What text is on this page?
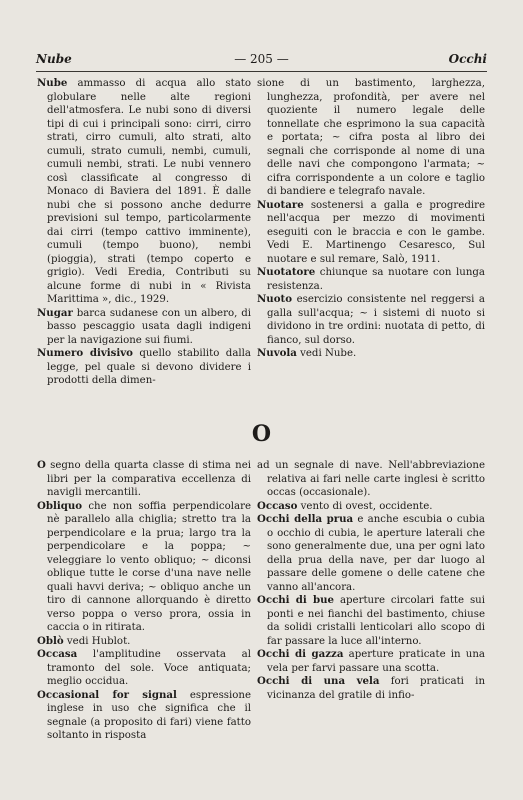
Nube	— 205 —	Occhi
Nube ammasso di acqua allo stato globulare nelle alte regioni dell'atmosfera. Le nubi sono di diversi tipi di cui i principali sono: cirri, cirro strati, cirro cumuli, alto strati, alto cumuli, strato cumuli, nembi, cumuli, cumuli nembi, strati. Le nubi vennero così classificate al congresso di Monaco di Baviera del 1891. È dalle nubi che si possono anche dedurre previsioni sul tempo, particolarmente dai cirri (tempo cattivo imminente), cumuli (tempo buono), nembi (pioggia), strati (tempo coperto e grigio). Vedi Eredia, Contributi su alcune forme di nubi in « Rivista Marittima », dic., 1929.
Nugar barca sudanese con un albero, di basso pescaggio usata dagli indigeni per la navigazione sui fiumi.
Numero divisivo quello stabilito dalla legge, pel quale si devono dividere i prodotti della dimen-
sione di un bastimento, larghezza, lunghezza, profondità, per avere nel quoziente il numero legale delle tonnellate che esprimono la sua capacità e portata; ~ cifra posta al libro dei segnali che corrisponde al nome di una delle navi che compongono l'armata; ~ cifra corrispondente a un colore e taglio di bandiere e telegrafo navale.
Nuotare sostenersi a galla e progredire nell'acqua per mezzo di movimenti eseguiti con le braccia e con le gambe. Vedi E. Martinengo Cesaresco, Sul nuotare e sul remare, Salò, 1911.
Nuotatore chiunque sa nuotare con lunga resistenza.
Nuoto esercizio consistente nel reggersi a galla sull'acqua; ~ i sistemi di nuoto si dividono in tre ordini: nuotata di petto, di fianco, sul dorso.
Nuvola vedi Nube.
O
O segno della quarta classe di stima nei libri per la comparativa eccellenza di navigli mercantili.
Obliquo che non soffia perpendicolare nè parallelo alla chiglia; stretto tra la perpendicolare e la prua; largo tra la perpendicolare e la poppa; ~ veleggiare lo vento obliquo; ~ diconsi oblique tutte le corse d'una nave nelle quali havvi deriva; ~ obliquo anche un tiro di cannone allorquando è diretto verso poppa o verso prora, ossia in caccia o in ritirata.
Oblò vedi Hublot.
Occasa l'amplitudine osservata al tramonto del sole. Voce antiquata; meglio occidua.
Occasional for signal espressione inglese in uso che significa che il segnale (a proposito di fari) viene fatto soltanto in risposta
ad un segnale di nave. Nell'abbreviazione relativa ai fari nelle carte inglesi è scritto occas (occasionale).
Occaso vento di ovest, occidente.
Occhi della prua e anche escubia o cubia o occhio di cubia, le aperture laterali che sono generalmente due, una per ogni lato della prua della nave, per dar luogo al passare delle gomene o delle catene che vanno all'ancora.
Occhi di bue aperture circolari fatte sui ponti e nei fianchi del bastimento, chiuse da solidi cristalli lenticolari allo scopo di far passare la luce all'interno.
Occhi di gazza aperture praticate in una vela per farvi passare una scotta.
Occhi di una vela fori praticati in vicinanza del gratile di infio-
